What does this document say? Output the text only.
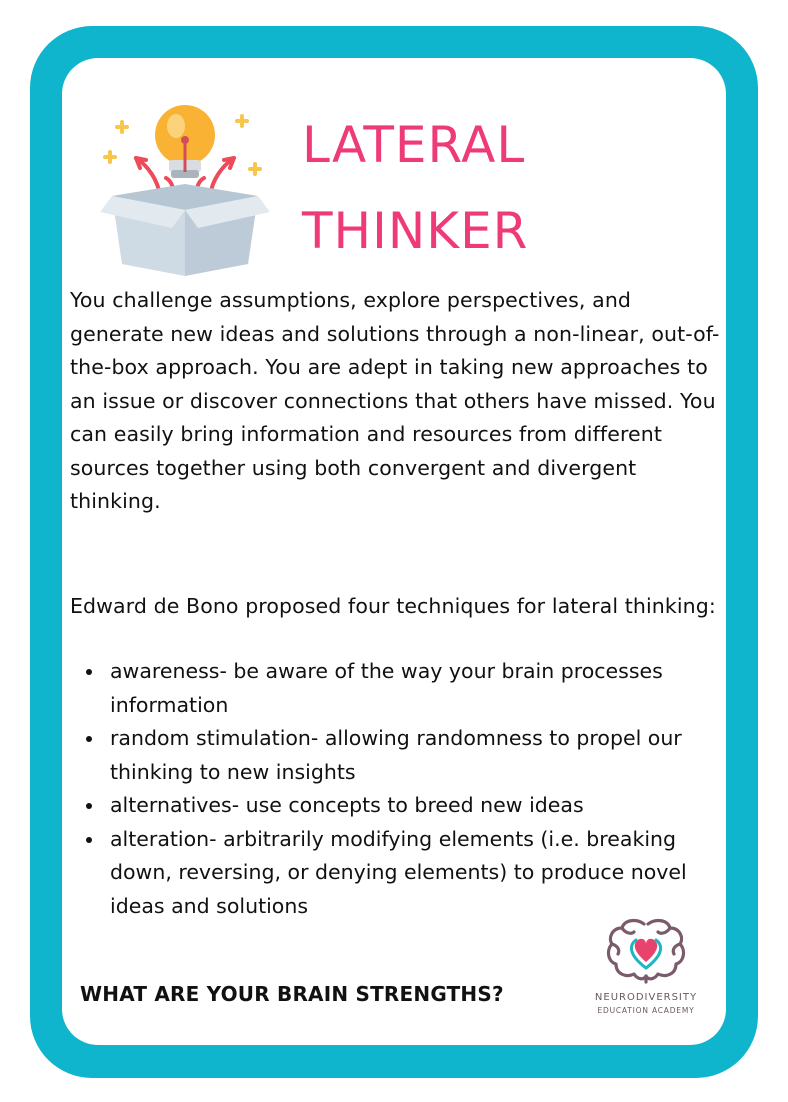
LATERAL
THINKER

You challenge assumptions, explore perspectives, and generate new ideas and solutions through a non-linear, out-of-the-box approach. You are adept in taking new approaches to an issue or discover connections that others have missed. You can easily bring information and resources from different sources together using both convergent and divergent thinking.

Edward de Bono proposed four techniques for lateral thinking:

awareness- be aware of the way your brain processes information
random stimulation- allowing randomness to propel our thinking to new insights
alternatives- use concepts to breed new ideas
alteration- arbitrarily modifying elements (i.e. breaking down, reversing, or denying elements) to produce novel ideas and solutions
WHAT ARE YOUR BRAIN STRENGTHS?	NEURODIVERSITY
EDUCATION ACADEMY
